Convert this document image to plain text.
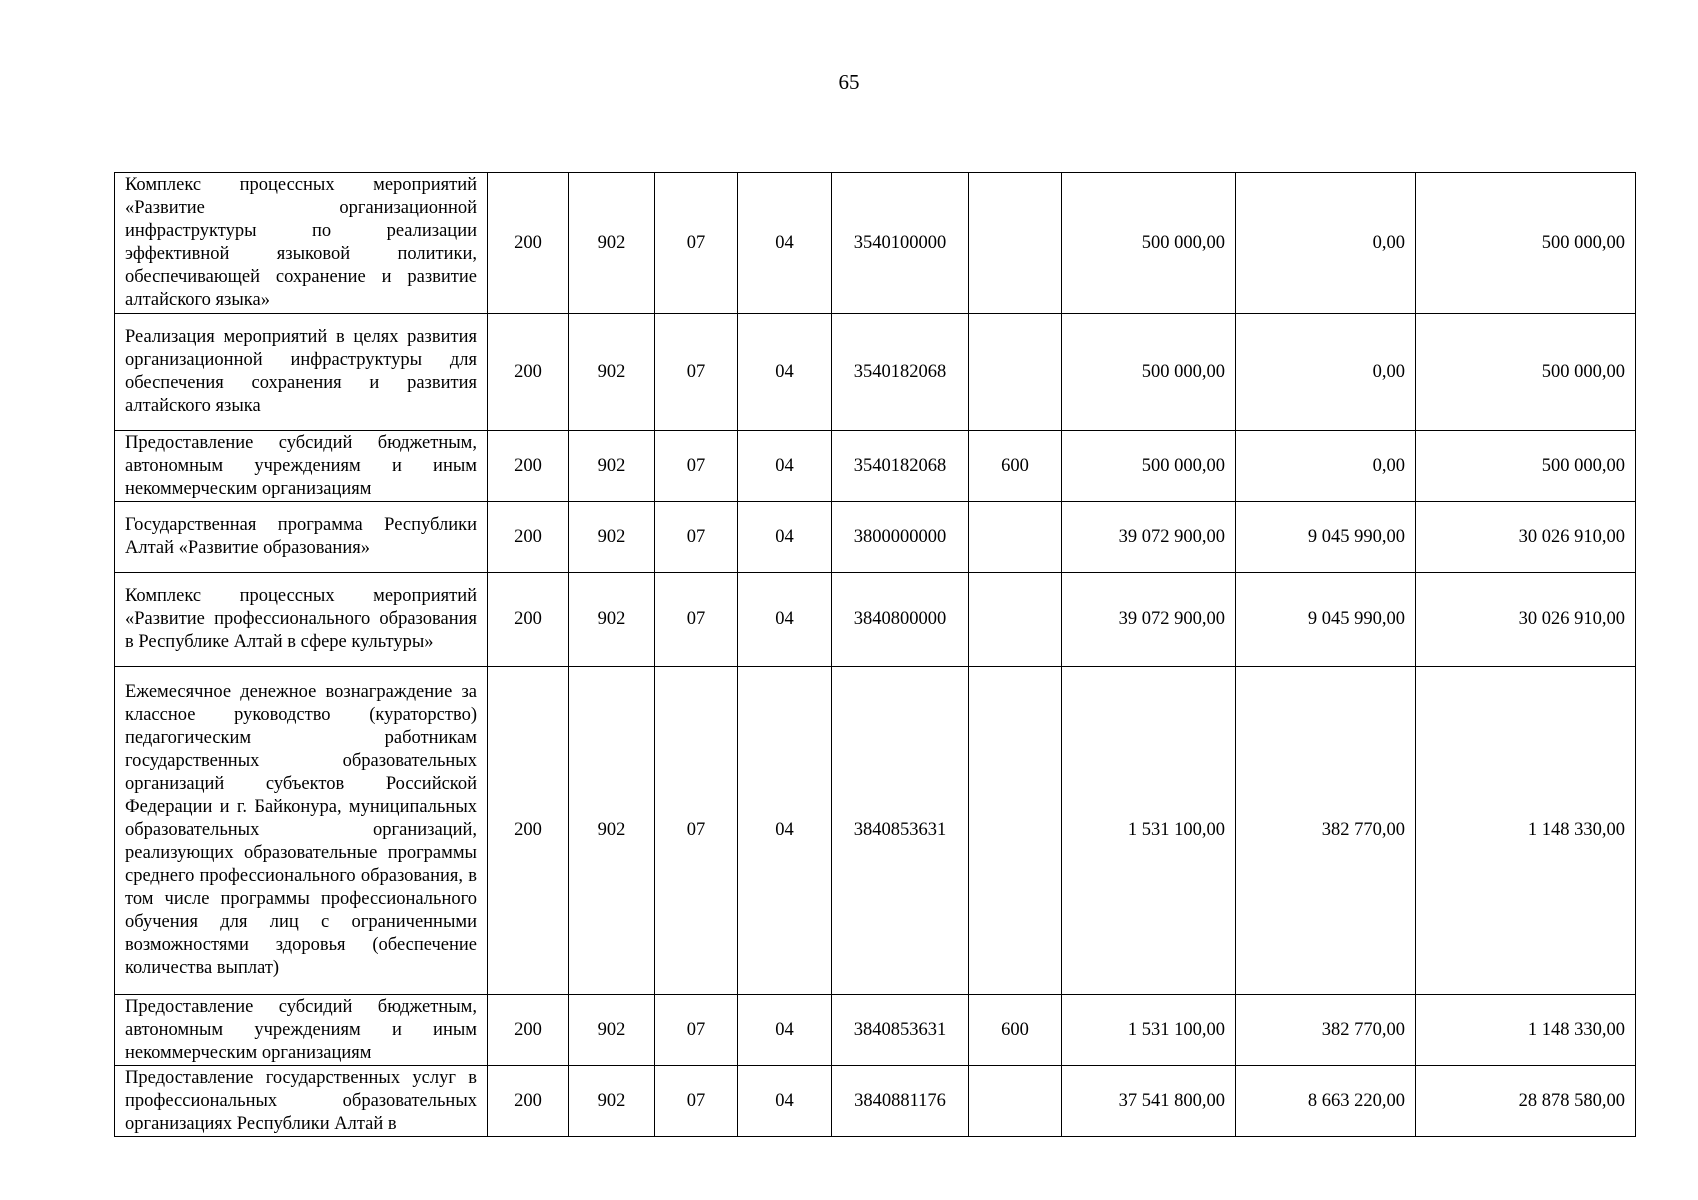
65
Комплекс процессных мероприятий «Развитие организационной инфраструктуры по реализации эффективной языковой политики, обеспечивающей сохранение и развитие алтайского языка»	200	902	07	04	3540100000		500 000,00	0,00	500 000,00
Реализация мероприятий в целях развития организационной инфраструктуры для обеспечения сохранения и развития алтайского языка	200	902	07	04	3540182068		500 000,00	0,00	500 000,00
Предоставление субсидий бюджетным, автономным учреждениям и иным некоммерческим организациям	200	902	07	04	3540182068	600	500 000,00	0,00	500 000,00
Государственная программа Республики Алтай «Развитие образования»	200	902	07	04	3800000000		39 072 900,00	9 045 990,00	30 026 910,00
Комплекс процессных мероприятий «Развитие профессионального образования в Республике Алтай в сфере культуры»	200	902	07	04	3840800000		39 072 900,00	9 045 990,00	30 026 910,00
Ежемесячное денежное вознаграждение за классное руководство (кураторство) педагогическим работникам государственных образовательных организаций субъектов Российской Федерации и г. Байконура, муниципальных образовательных организаций, реализующих образовательные программы среднего профессионального образования, в том числе программы профессионального обучения для лиц с ограниченными возможностями здоровья (обеспечение количества выплат)	200	902	07	04	3840853631		1 531 100,00	382 770,00	1 148 330,00
Предоставление субсидий бюджетным, автономным учреждениям и иным некоммерческим организациям	200	902	07	04	3840853631	600	1 531 100,00	382 770,00	1 148 330,00
Предоставление государственных услуг в профессиональных образовательных организациях Республики Алтай в	200	902	07	04	3840881176		37 541 800,00	8 663 220,00	28 878 580,00
